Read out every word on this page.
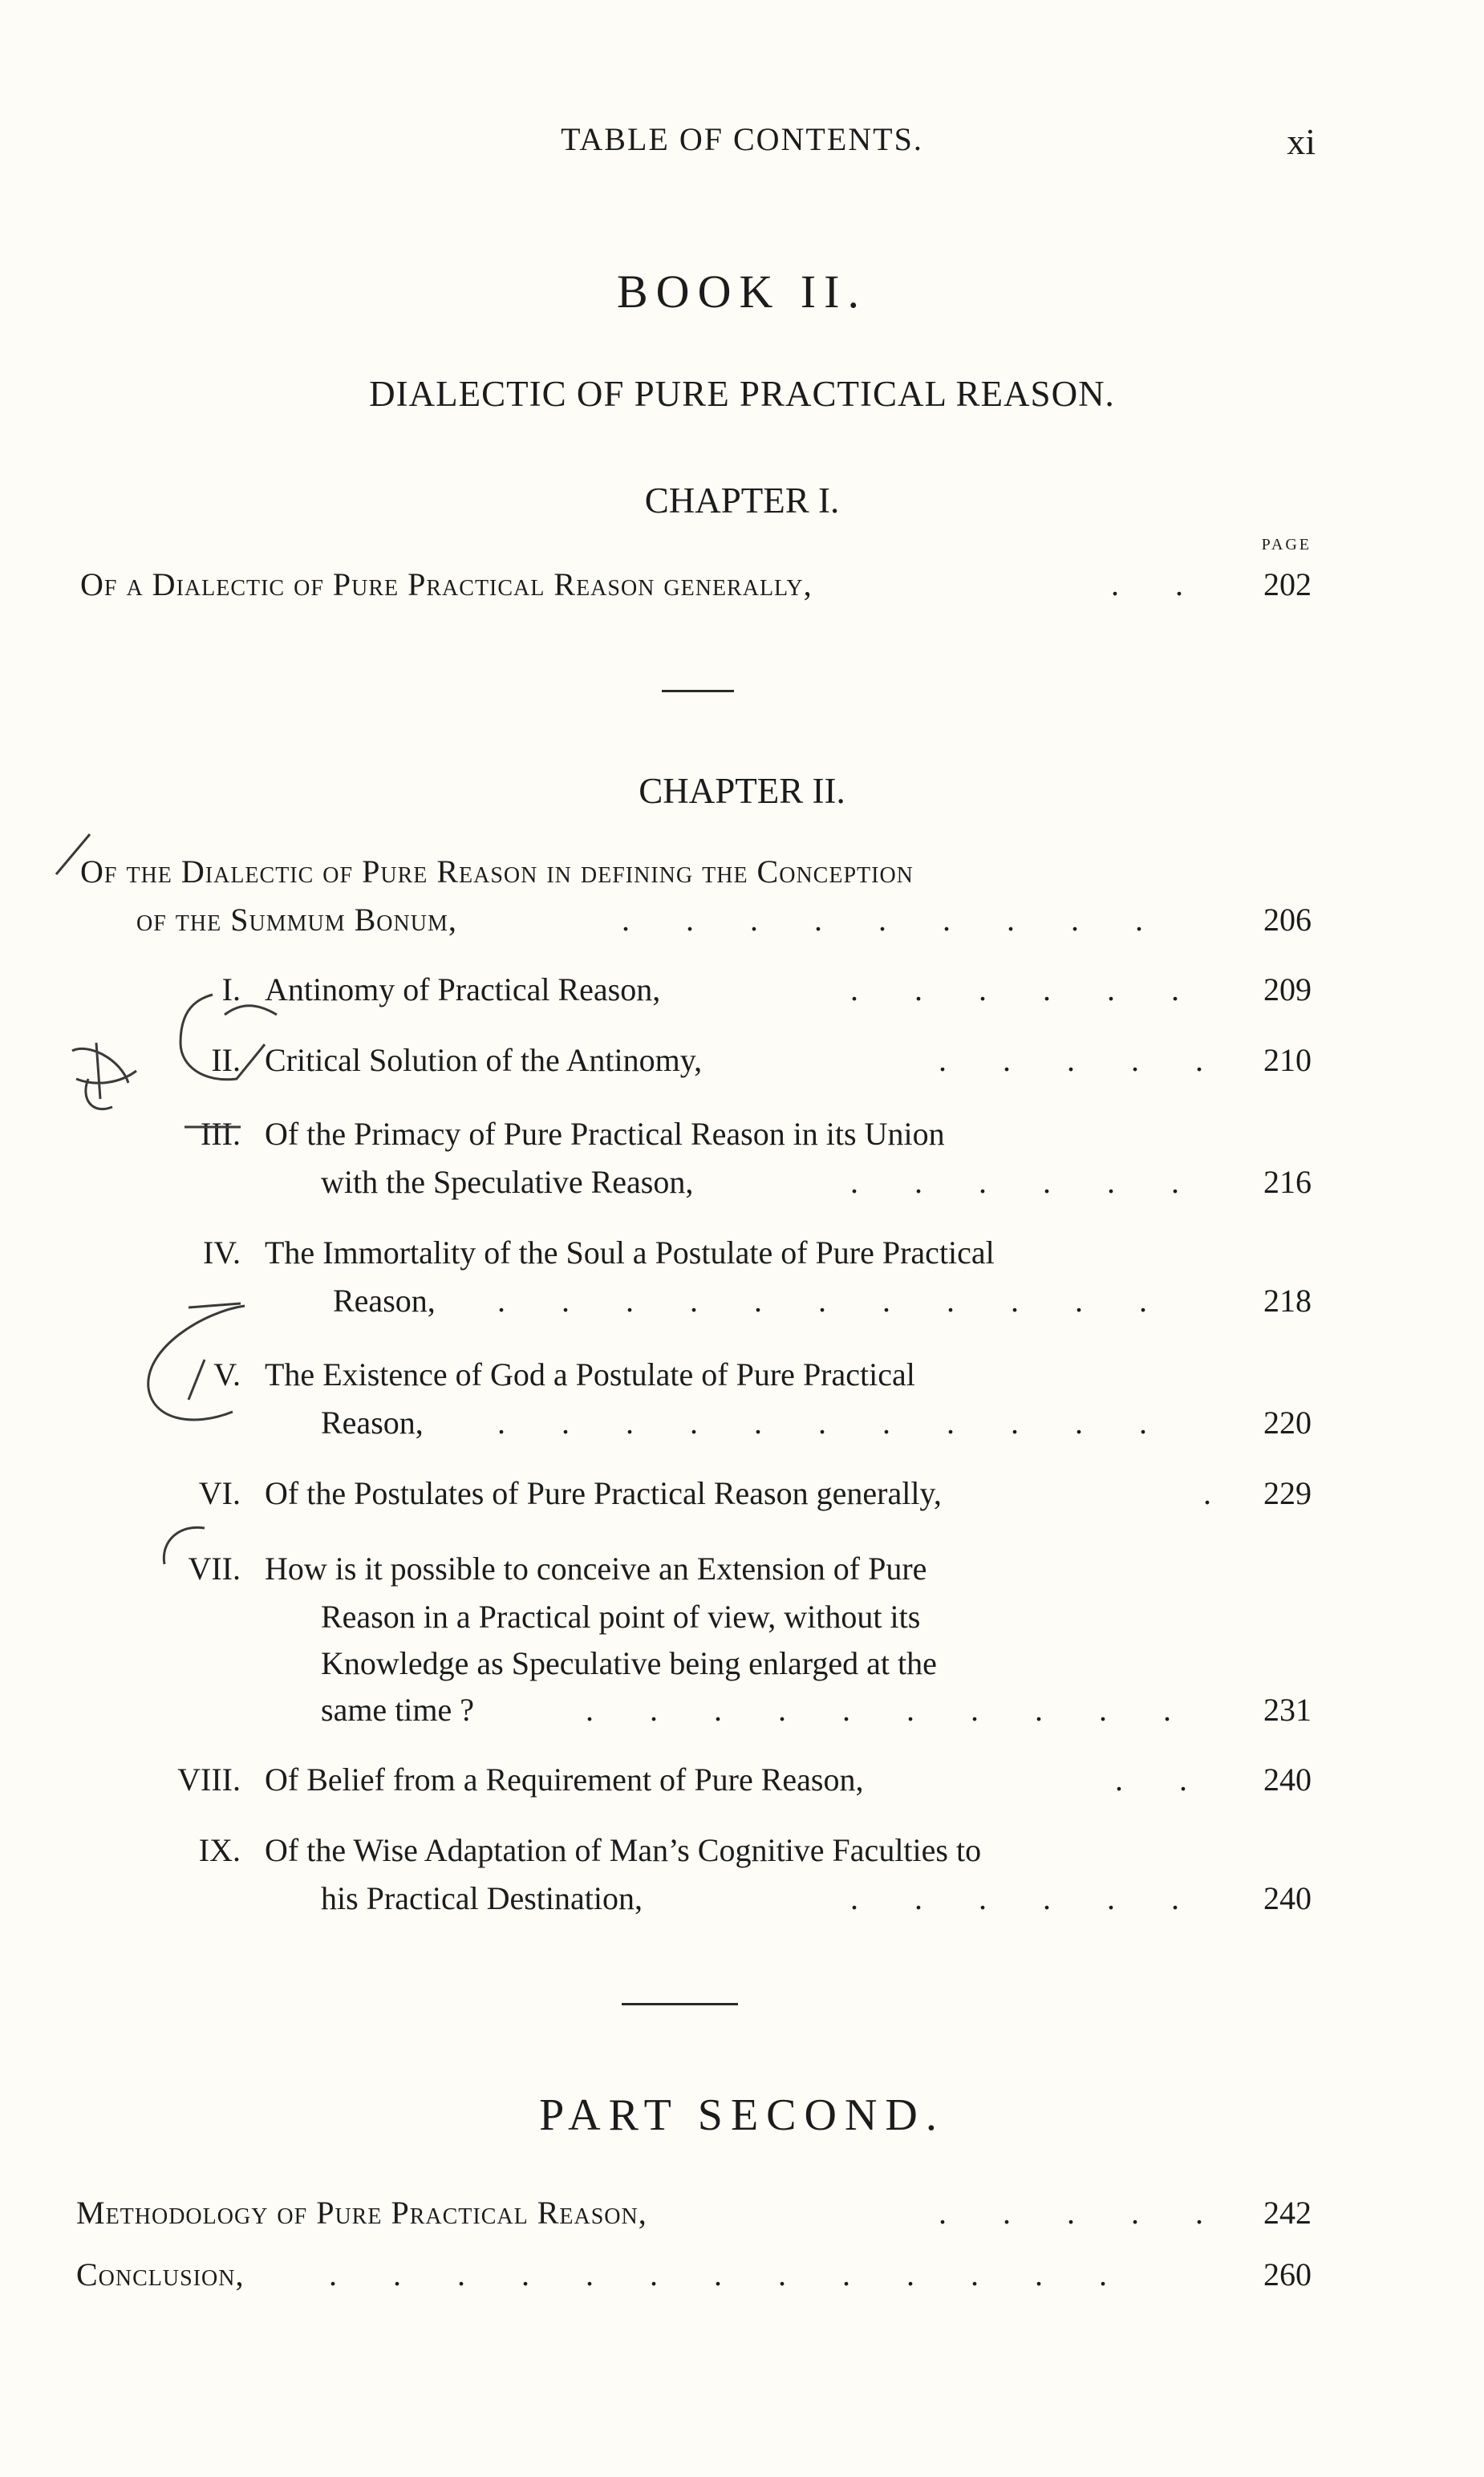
TABLE OF CONTENTS.	xi
BOOK II.
DIALECTIC OF PURE PRACTICAL REASON.
CHAPTER I.
PAGE
Of a Dialectic of Pure Practical Reason generally,	. . 202
CHAPTER II.
Of the Dialectic of Pure Reason in defining the Conception
of the Summum Bonum,	. . . . . . . . .	206
I. Antinomy of Practical Reason,	. . . . . . 209
II. Critical Solution of the Antinomy,	. . . . . 210
III. Of the Primacy of Pure Practical Reason in its Union
with the Speculative Reason,	. . . . . . 216
IV. The Immortality of the Soul a Postulate of Pure Practical
Reason, . . . . . . . . . . .	218
V. The Existence of God a Postulate of Pure Practical
Reason, . . . . . . . . . . .	220
VI. Of the Postulates of Pure Practical Reason generally,	. 229
VII. How is it possible to conceive an Extension of Pure
Reason in a Practical point of view, without its
Knowledge as Speculative being enlarged at the
same time ?	. . . . . . . . . . 231
VIII. Of Belief from a Requirement of Pure Reason,	. . 240
IX. Of the Wise Adaptation of Man’s Cognitive Faculties to
his Practical Destination,	. . . . . . 240
PART SECOND.
Methodology of Pure Practical Reason,	. . . . . 242
Conclusion,	. . . . . . . . . . . . .	260
